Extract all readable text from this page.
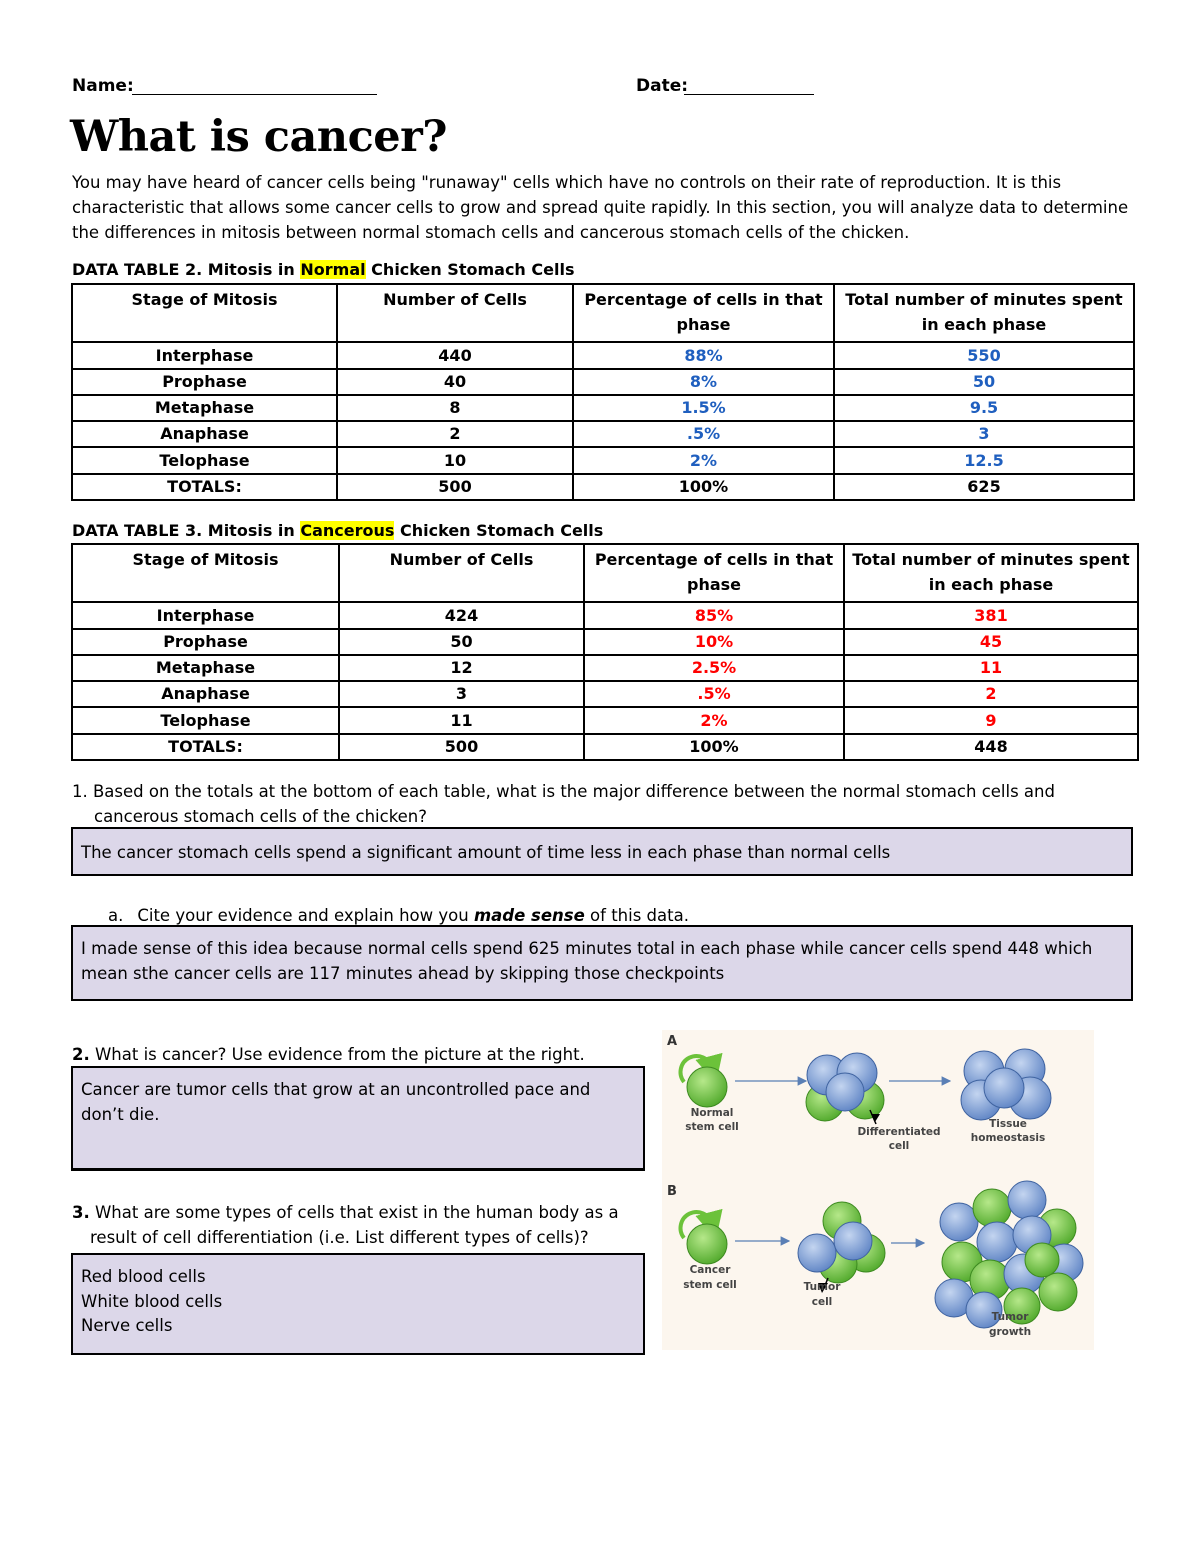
Name:	Date:
What is cancer?
You may have heard of cancer cells being "runaway" cells which have no controls on their rate of reproduction. It is this characteristic that allows some cancer cells to grow and spread quite rapidly. In this section, you will analyze data to determine the differences in mitosis between normal stomach cells and cancerous stomach cells of the chicken.
DATA TABLE 2. Mitosis in Normal Chicken Stomach Cells
Stage of Mitosis	Number of Cells	Percentage of cells in that phase	Total number of minutes spent in each phase
Interphase	440	88%	550
Prophase	40	8%	50
Metaphase	8	1.5%	9.5
Anaphase	2	.5%	3
Telophase	10	2%	12.5
TOTALS:	500	100%	625
DATA TABLE 3. Mitosis in Cancerous Chicken Stomach Cells
Stage of Mitosis	Number of Cells	Percentage of cells in that phase	Total number of minutes spent in each phase
Interphase	424	85%	381
Prophase	50	10%	45
Metaphase	12	2.5%	11
Anaphase	3	.5%	2
Telophase	11	2%	9
TOTALS:	500	100%	448
1. Based on the totals at the bottom of each table, what is the major difference between the normal stomach cells and cancerous stomach cells of the chicken?
The cancer stomach cells spend a significant amount of time less in each phase than normal cells
a. Cite your evidence and explain how you made sense of this data.
I made sense of this idea because normal cells spend 625 minutes total in each phase while cancer cells spend 448 which mean sthe cancer cells are 117 minutes ahead by skipping those checkpoints
2. What is cancer? Use evidence from the picture at the right.
Cancer are tumor cells that grow at an uncontrolled pace and don’t die.
3. What are some types of cells that exist in the human body as a result of cell differentiation (i.e. List different types of cells)?
Red blood cells
White blood cells
Nerve cells
A
Normal
stem cell	Differentiated
cell
Tissue
homeostasis
B
Cancer
stem cell	Tumor
cell
Tumor
growth
